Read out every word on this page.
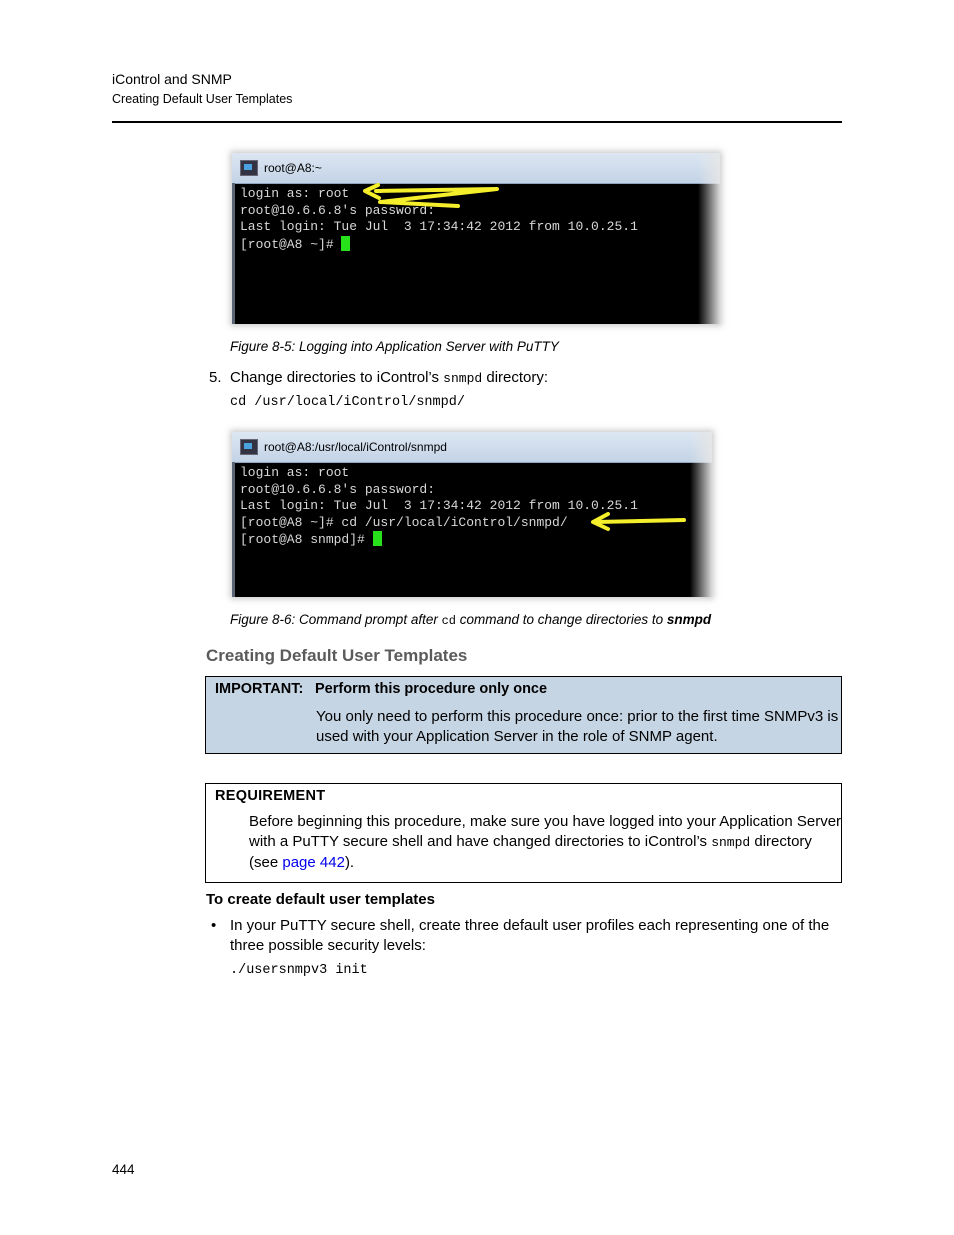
iControl and SNMP
Creating Default User Templates
root@A8:~
login as: root
root@10.6.6.8's password:
Last login: Tue Jul  3 17:34:42 2012 from 10.0.25.1
[root@A8 ~]#
Figure 8-5: Logging into Application Server with PuTTY
5. Change directories to iControl’s snmpd directory:
cd /usr/local/iControl/snmpd/
root@A8:/usr/local/iControl/snmpd
login as: root
root@10.6.6.8's password:
Last login: Tue Jul  3 17:34:42 2012 from 10.0.25.1
[root@A8 ~]# cd /usr/local/iControl/snmpd/
[root@A8 snmpd]#
Figure 8-6: Command prompt after cd command to change directories to snmpd
Creating Default User Templates
IMPORTANT: Perform this procedure only once
You only need to perform this procedure once: prior to the first time SNMPv3 is
used with your Application Server in the role of SNMP agent.
REQUIREMENT
Before beginning this procedure, make sure you have logged into your Application Server
with a PuTTY secure shell and have changed directories to iControl’s snmpd directory
(see page 442).
To create default user templates
• In your PuTTY secure shell, create three default user profiles each representing one of the
three possible security levels:
./usersnmpv3 init
444
